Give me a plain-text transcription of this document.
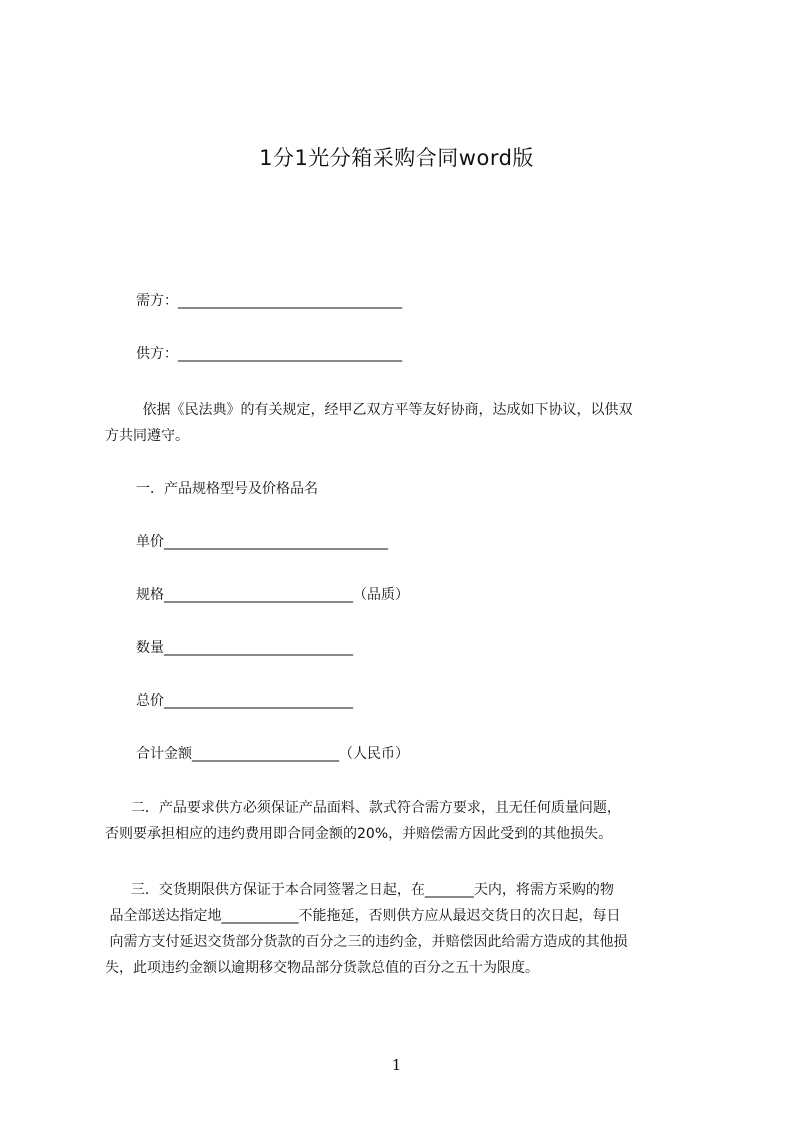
1分1光分箱采购合同word版
需方：________________________________
供方：________________________________
依据《民法典》的有关规定，经甲乙双方平等友好协商，达成如下协议，以供双
方共同遵守。
一．产品规格型号及价格品名
单价________________________________
规格___________________________（品质）
数量___________________________
总价___________________________
合计金额_____________________（人民币）
二．产品要求供方必须保证产品面料、款式符合需方要求，且无任何质量问题，
否则要承担相应的违约费用即合同金额的20%，并赔偿需方因此受到的其他损失。
三．交货期限供方保证于本合同签署之日起，在_______天内，将需方采购的物
品全部送达指定地___________不能拖延，否则供方应从最迟交货日的次日起，每日
向需方支付延迟交货部分货款的百分之三的违约金，并赔偿因此给需方造成的其他损
失，此项违约金额以逾期移交物品部分货款总值的百分之五十为限度。
1
